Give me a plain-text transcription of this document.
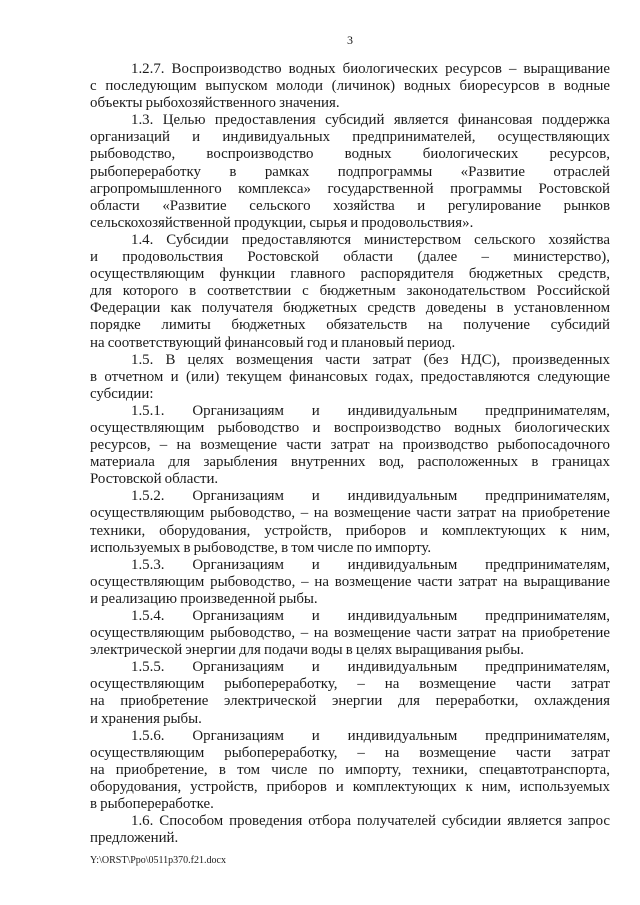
3
1.2.7. Воспроизводство водных биологических ресурсов – выращивание
с последующим выпуском молоди (личинок) водных биоресурсов в водные
объекты рыбохозяйственного значения.
1.3. Целью предоставления субсидий является финансовая поддержка
организаций и индивидуальных предпринимателей, осуществляющих
рыбоводство, воспроизводство водных биологических ресурсов,
рыбопереработку в рамках подпрограммы «Развитие отраслей
агропромышленного комплекса» государственной программы Ростовской
области «Развитие сельского хозяйства и регулирование рынков
сельскохозяйственной продукции, сырья и продовольствия».
1.4. Субсидии предоставляются министерством сельского хозяйства
и продовольствия Ростовской области (далее – министерство),
осуществляющим функции главного распорядителя бюджетных средств,
для которого в соответствии с бюджетным законодательством Российской
Федерации как получателя бюджетных средств доведены в установленном
порядке лимиты бюджетных обязательств на получение субсидий
на соответствующий финансовый год и плановый период.
1.5. В целях возмещения части затрат (без НДС), произведенных
в отчетном и (или) текущем финансовых годах, предоставляются следующие
субсидии:
1.5.1. Организациям и индивидуальным предпринимателям,
осуществляющим рыбоводство и воспроизводство водных биологических
ресурсов, – на возмещение части затрат на производство рыбопосадочного
материала для зарыбления внутренних вод, расположенных в границах
Ростовской области.
1.5.2. Организациям и индивидуальным предпринимателям,
осуществляющим рыбоводство, – на возмещение части затрат на приобретение
техники, оборудования, устройств, приборов и комплектующих к ним,
используемых в рыбоводстве, в том числе по импорту.
1.5.3. Организациям и индивидуальным предпринимателям,
осуществляющим рыбоводство, – на возмещение части затрат на выращивание
и реализацию произведенной рыбы.
1.5.4. Организациям и индивидуальным предпринимателям,
осуществляющим рыбоводство, – на возмещение части затрат на приобретение
электрической энергии для подачи воды в целях выращивания рыбы.
1.5.5. Организациям и индивидуальным предпринимателям,
осуществляющим рыбопереработку, – на возмещение части затрат
на приобретение электрической энергии для переработки, охлаждения
и хранения рыбы.
1.5.6. Организациям и индивидуальным предпринимателям,
осуществляющим рыбопереработку, – на возмещение части затрат
на приобретение, в том числе по импорту, техники, спецавтотранспорта,
оборудования, устройств, приборов и комплектующих к ним, используемых
в рыбопереработке.
1.6. Способом проведения отбора получателей субсидии является запрос
предложений.
Y:\ORST\Ppo\0511p370.f21.docx
